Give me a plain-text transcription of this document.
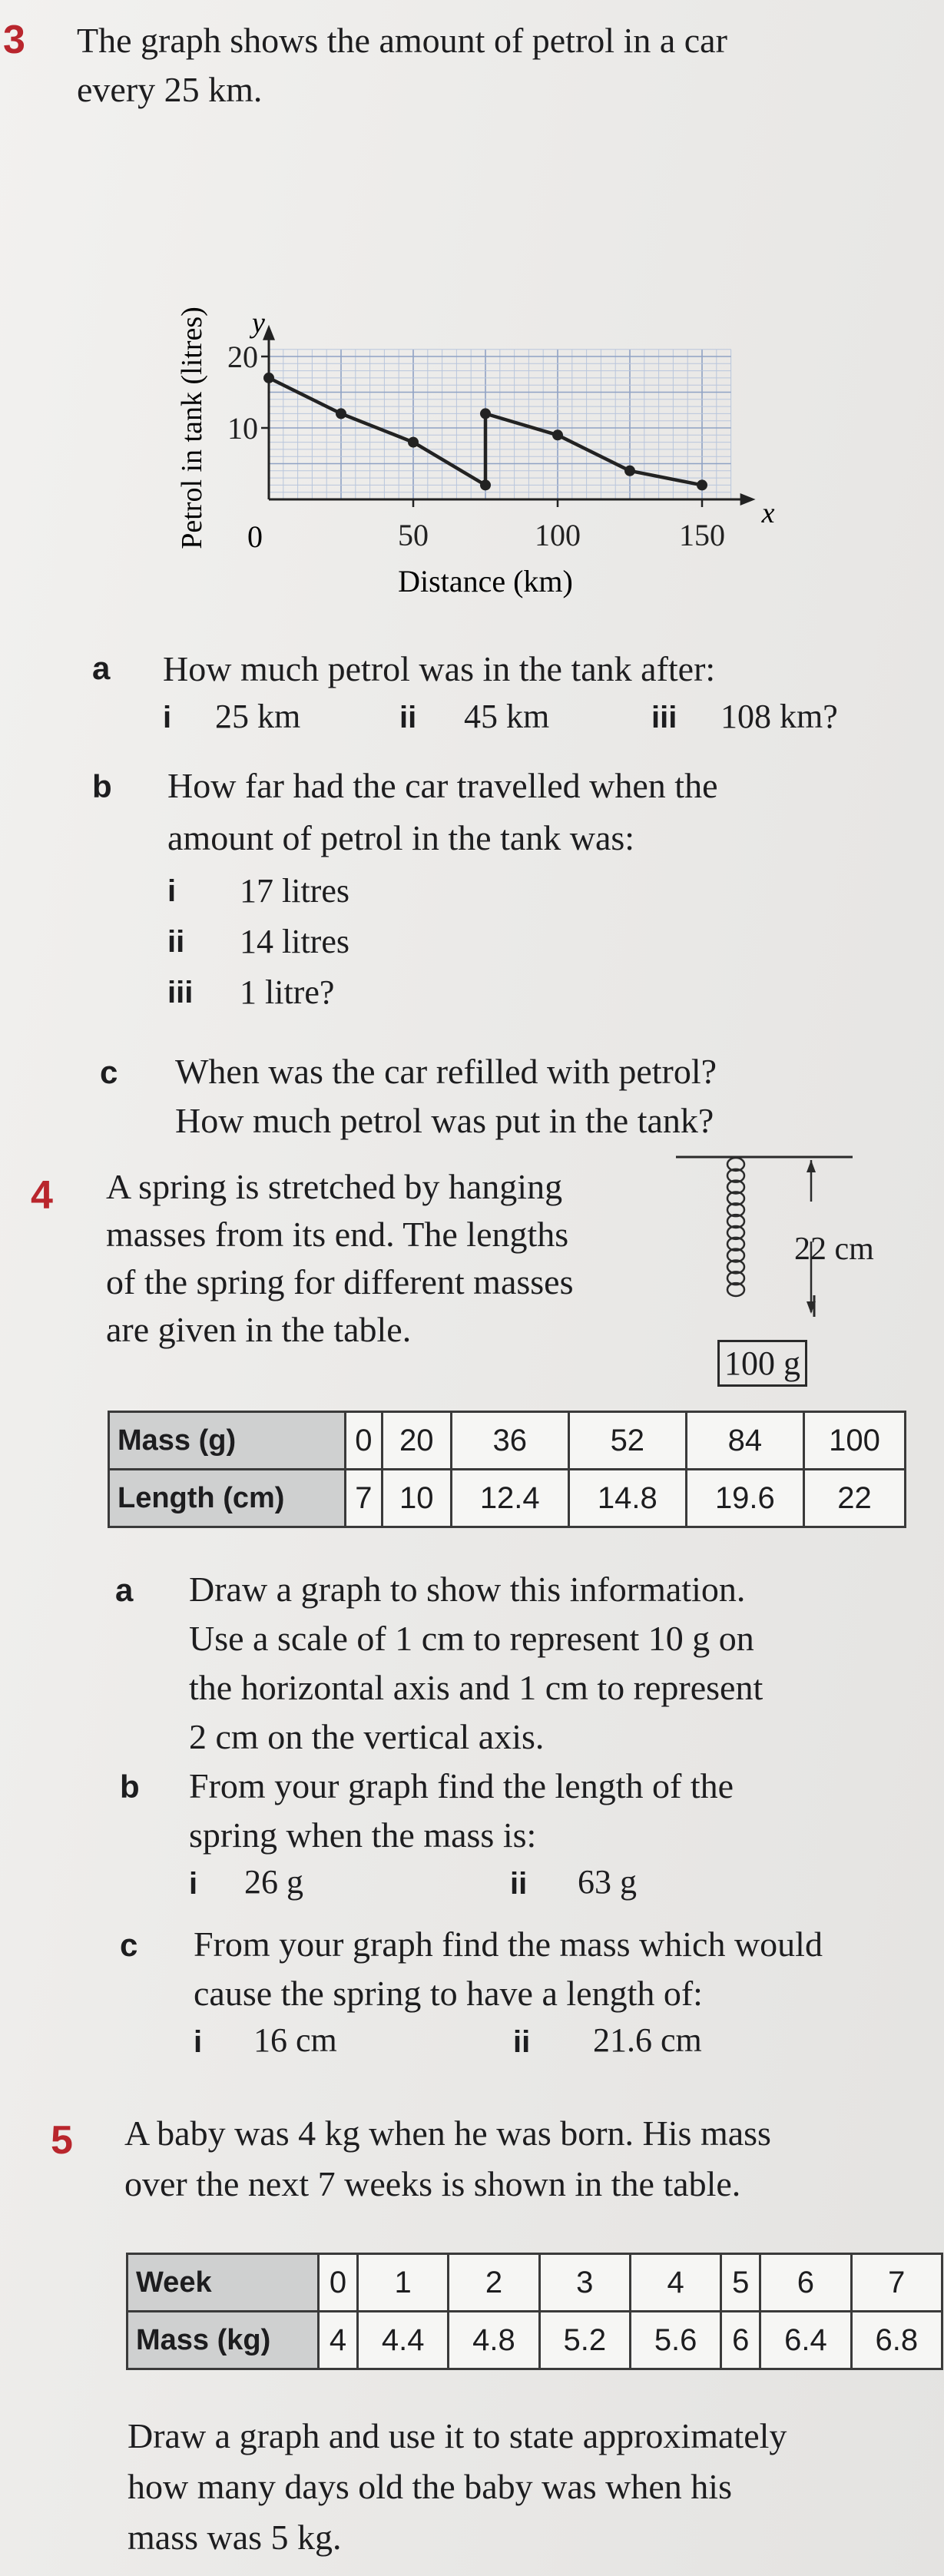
3 The graph shows the amount of petrol in a car
every 25 km.
20
10
50	100	150
y
x
0
Petrol in tank (litres)
Distance (km)
a How much petrol was in the tank after:
i 25 km	ii 45 km	iii 108 km?
b How far had the car travelled when the
amount of petrol in the tank was:
i 17 litres
ii 14 litres
iii 1 litre?
c When was the car refilled with petrol?
How much petrol was put in the tank?
4 A spring is stretched by hanging
masses from its end. The lengths
of the spring for different masses
are given in the table.
22 cm
100 g
Mass (g)	0	20	36	52	84	100
Length (cm)	7	10	12.4	14.8	19.6	22
a Draw a graph to show this information.
Use a scale of 1 cm to represent 10 g on
the horizontal axis and 1 cm to represent
2 cm on the vertical axis.
b From your graph find the length of the
spring when the mass is:
i 26 g	ii 63 g
c From your graph find the mass which would
cause the spring to have a length of:
i 16 cm	ii 21.6 cm
5 A baby was 4 kg when he was born. His mass
over the next 7 weeks is shown in the table.
Week	0	1	2	3	4	5	6	7
Mass (kg)	4	4.4	4.8	5.2	5.6	6	6.4	6.8
Draw a graph and use it to state approximately
how many days old the baby was when his
mass was 5 kg.
